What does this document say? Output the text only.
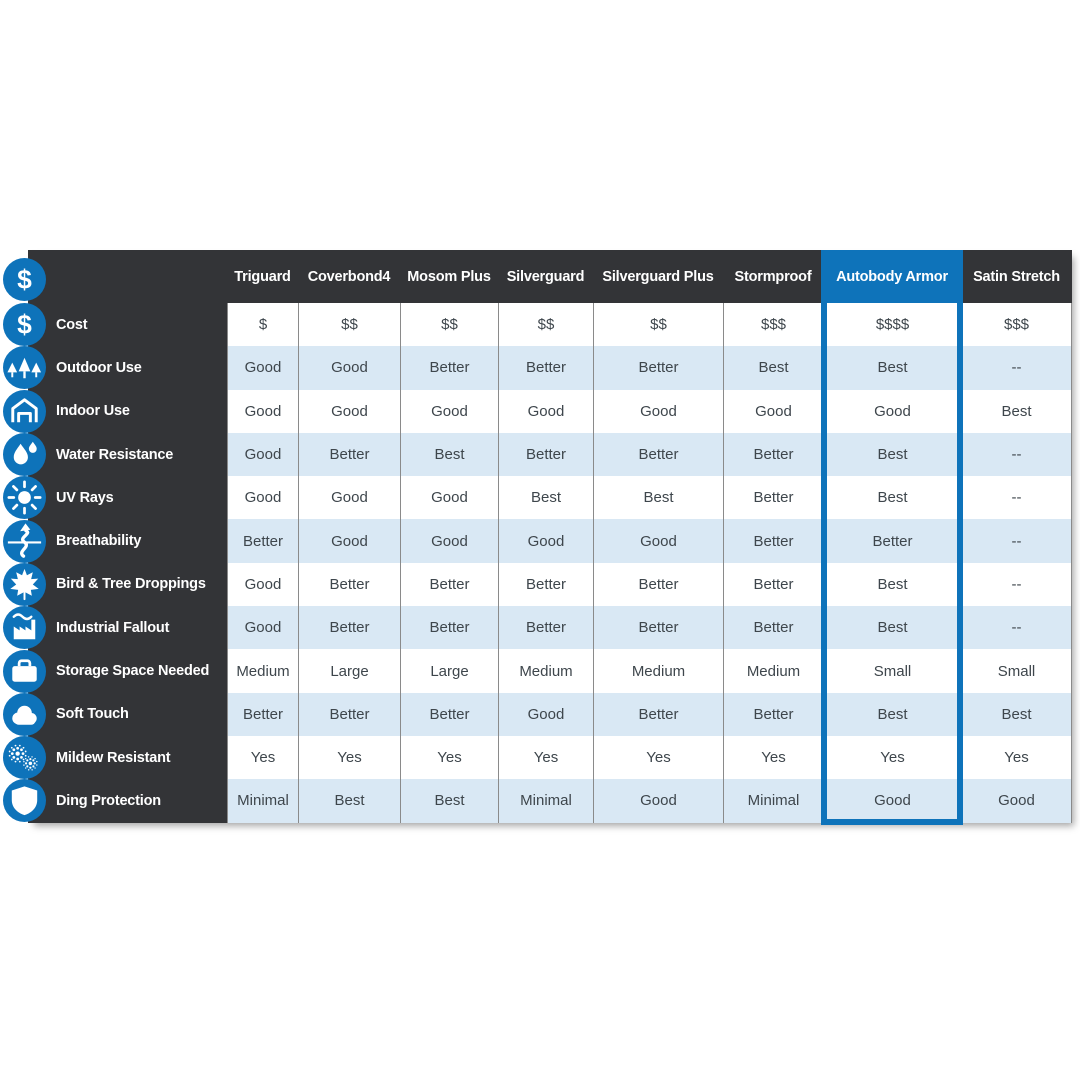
Triguard	Coverbond4	Mosom Plus	Silverguard	Silverguard Plus	Stormproof	Autobody Armor	Satin Stretch
Cost	$	$$	$$	$$	$$	$$$	$$$$	$$$
Outdoor Use	Good	Good	Better	Better	Better	Best	Best	--
Indoor Use	Good	Good	Good	Good	Good	Good	Good	Best
Water Resistance	Good	Better	Best	Better	Better	Better	Best	--
UV Rays	Good	Good	Good	Best	Best	Better	Best	--
Breathability	Better	Good	Good	Good	Good	Better	Better	--
Bird & Tree Droppings	Good	Better	Better	Better	Better	Better	Best	--
Industrial Fallout	Good	Better	Better	Better	Better	Better	Best	--
Storage Space Needed	Medium	Large	Large	Medium	Medium	Medium	Small	Small
Soft Touch	Better	Better	Better	Good	Better	Better	Best	Best
Mildew Resistant	Yes	Yes	Yes	Yes	Yes	Yes	Yes	Yes
Ding Protection	Minimal	Best	Best	Minimal	Good	Minimal	Good	Good
$
$
